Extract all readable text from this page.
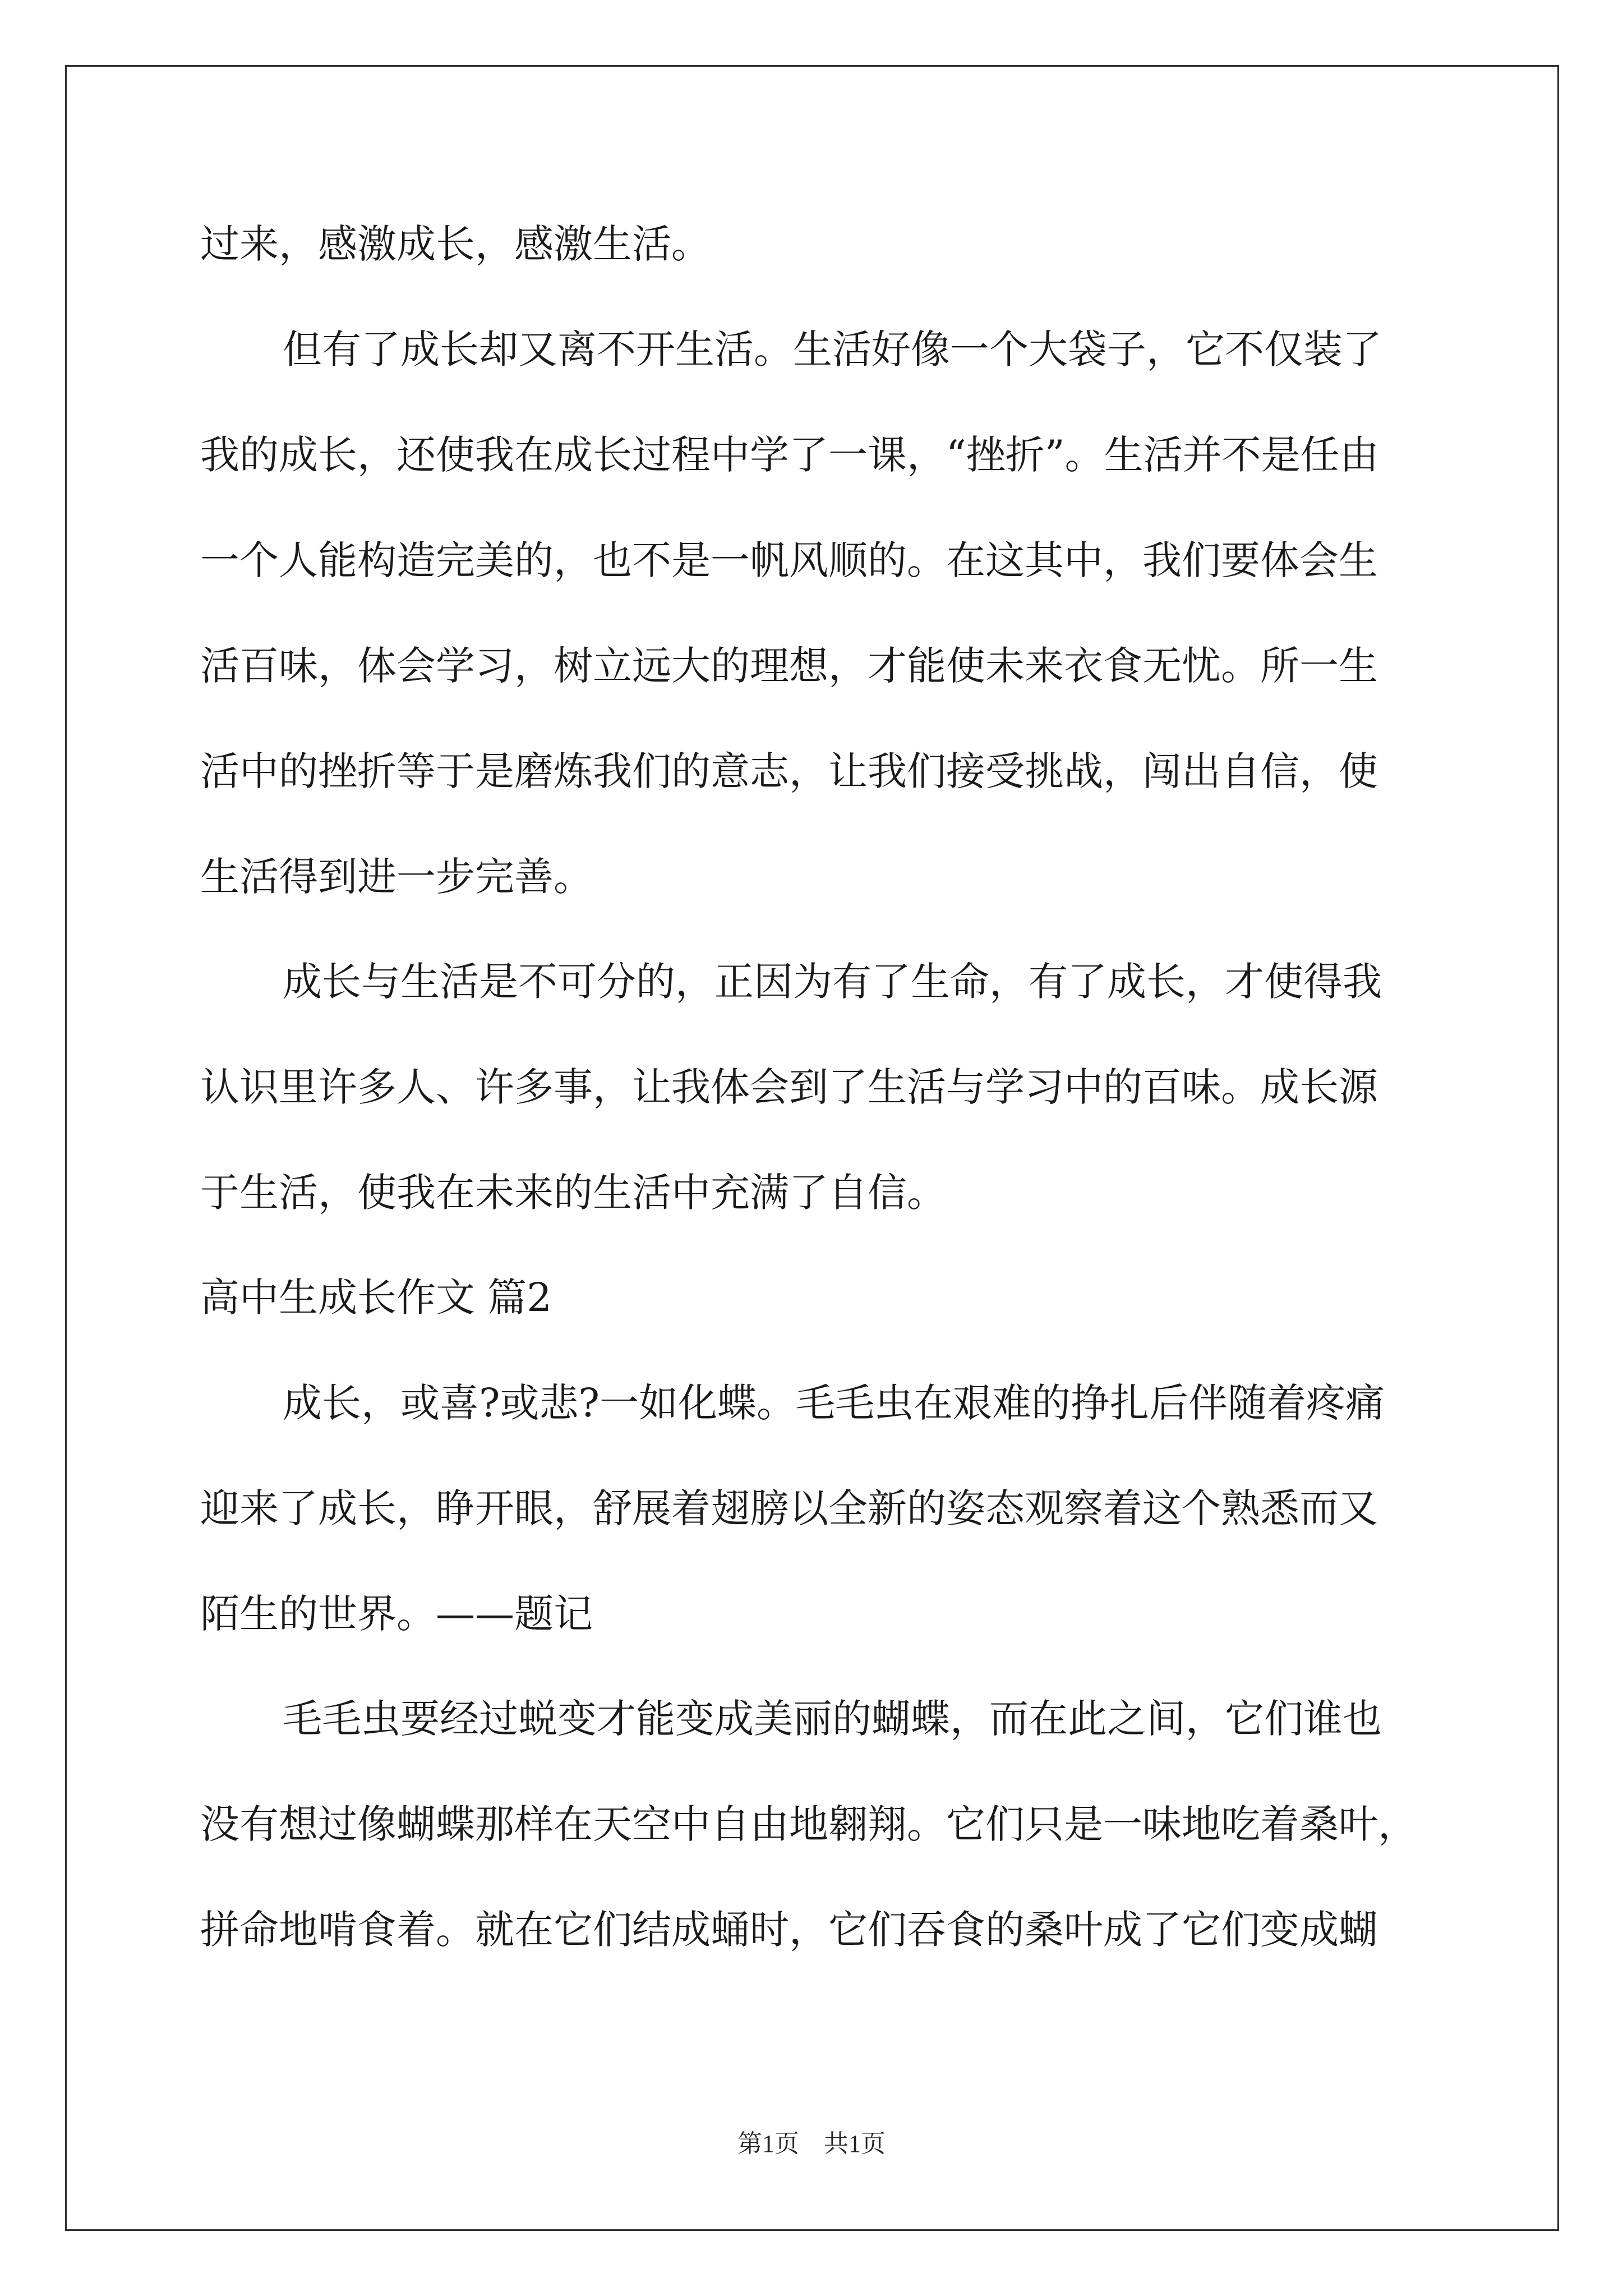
过来，感激成长，感激生活。
但有了成长却又离不开生活。生活好像一个大袋子，它不仅装了
我的成长，还使我在成长过程中学了一课，“挫折”。生活并不是任由
一个人能构造完美的，也不是一帆风顺的。在这其中，我们要体会生
活百味，体会学习，树立远大的理想，才能使未来衣食无忧。所一生
活中的挫折等于是磨炼我们的意志，让我们接受挑战，闯出自信，使
生活得到进一步完善。
成长与生活是不可分的，正因为有了生命，有了成长，才使得我
认识里许多人、许多事，让我体会到了生活与学习中的百味。成长源
于生活，使我在未来的生活中充满了自信。
高中生成长作文 篇2
成长，或喜?或悲?一如化蝶。毛毛虫在艰难的挣扎后伴随着疼痛
迎来了成长，睁开眼，舒展着翅膀以全新的姿态观察着这个熟悉而又
陌生的世界。——题记
毛毛虫要经过蜕变才能变成美丽的蝴蝶，而在此之间，它们谁也
没有想过像蝴蝶那样在天空中自由地翱翔。它们只是一味地吃着桑叶，
拼命地啃食着。就在它们结成蛹时，它们吞食的桑叶成了它们变成蝴
第1页　共1页
